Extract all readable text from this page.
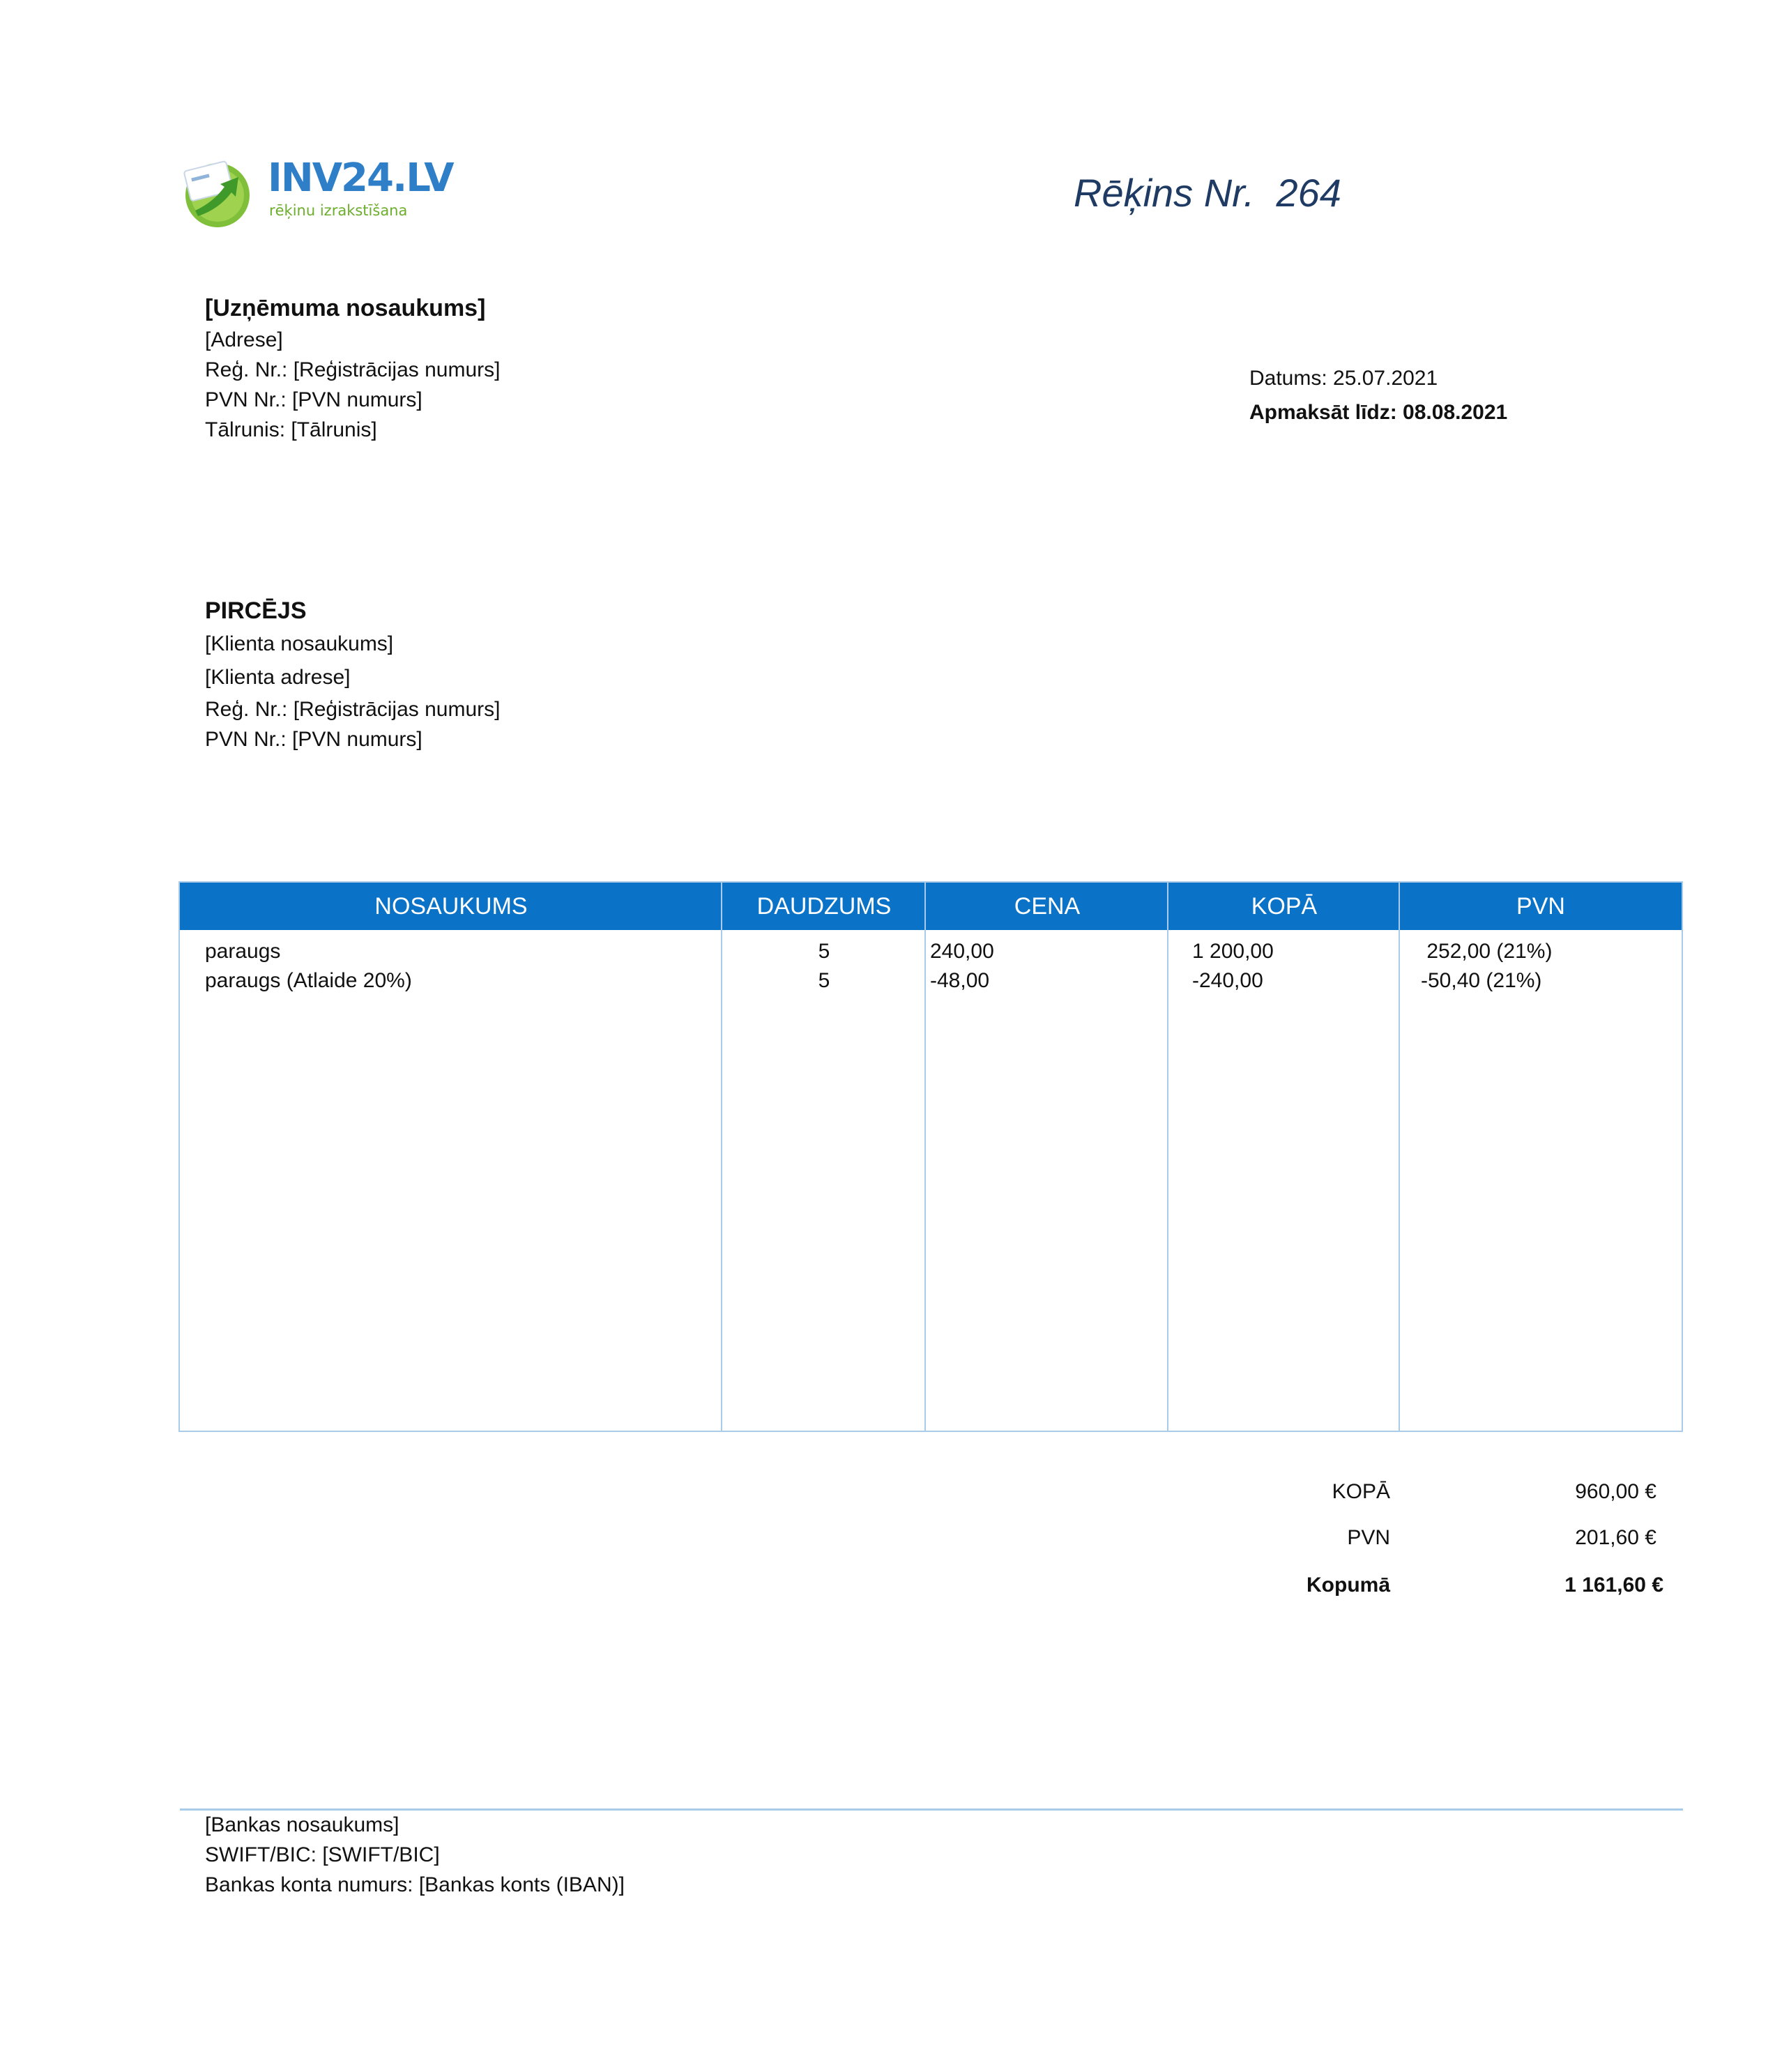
INV24.LV
rēķinu izrakstīšana	Rēķins Nr. 264
[Uzņēmuma nosaukums]
[Adrese]
Reģ. Nr.: [Reģistrācijas numurs]
PVN Nr.: [PVN numurs]
Tālrunis: [Tālrunis]
Datums: 25.07.2021
Apmaksāt līdz: 08.08.2021
PIRCĒJS
[Klienta nosaukums]
[Klienta adrese]
Reģ. Nr.: [Reģistrācijas numurs]
PVN Nr.: [PVN numurs]
NOSAUKUMS	DAUDZUMS	CENA	KOPĀ	PVN
paraugs	5	240,00	1 200,00	252,00 (21%)
paraugs (Atlaide 20%)	5	-48,00	-240,00	-50,40 (21%)
KOPĀ	960,00 €
PVN	201,60 €
Kopumā	1 161,60 €
[Bankas nosaukums]
SWIFT/BIC: [SWIFT/BIC]
Bankas konta numurs: [Bankas konts (IBAN)]
